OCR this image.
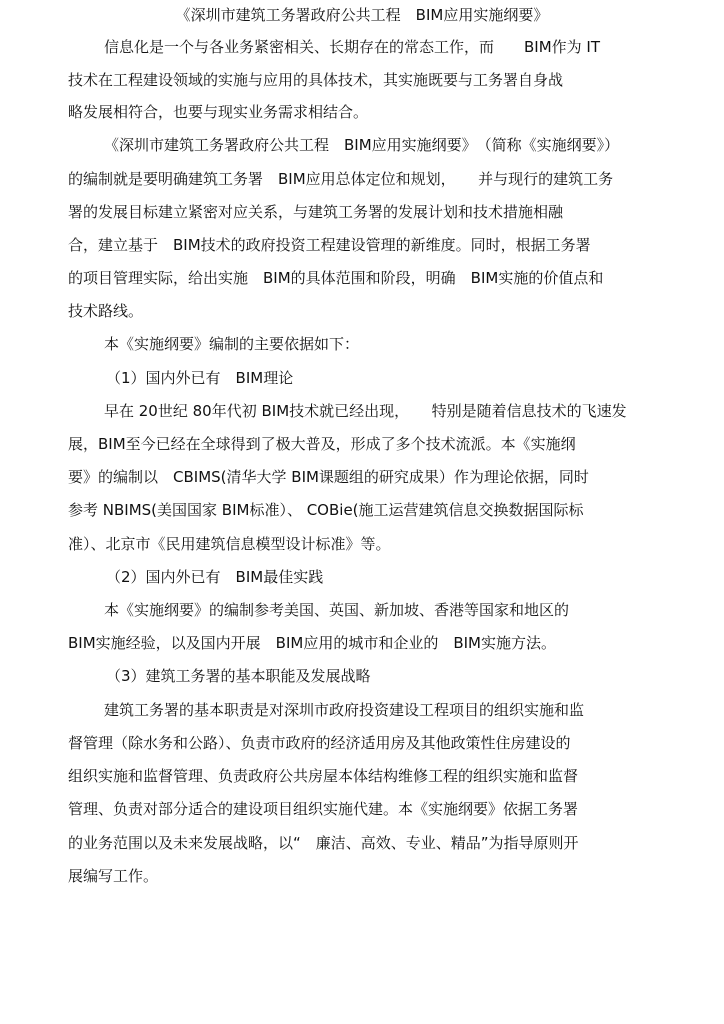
《深圳市建筑工务署政府公共工程　BIM应用实施纲要》
信息化是一个与各业务紧密相关、长期存在的常态工作，而　　BIM作为 IT
技术在工程建设领域的实施与应用的具体技术，其实施既要与工务署自身战
略发展相符合，也要与现实业务需求相结合。
《深圳市建筑工务署政府公共工程　BIM应用实施纲要》　（简称《实施纲要》）
的编制就是要明确建筑工务署　BIM应用总体定位和规划，　　并与现行的建筑工务
署的发展目标建立紧密对应关系，与建筑工务署的发展计划和技术措施相融
合，建立基于　BIM技术的政府投资工程建设管理的新维度。同时，根据工务署
的项目管理实际，给出实施　BIM的具体范围和阶段，明确　BIM实施的价值点和
技术路线。
本《实施纲要》编制的主要依据如下：
（1）国内外已有　BIM理论
早在 20世纪 80年代初 BIM技术就已经出现，　　特别是随着信息技术的飞速发
展，BIM至今已经在全球得到了极大普及，形成了多个技术流派。本《实施纲
要》的编制以　CBIMS(清华大学 BIM课题组的研究成果）作为理论依据，同时
参考 NBIMS(美国国家 BIM标准）、 COBie(施工运营建筑信息交换数据国际标
准）、北京市《民用建筑信息模型设计标准》等。
（2）国内外已有　BIM最佳实践
本《实施纲要》的编制参考美国、英国、新加坡、香港等国家和地区的
BIM实施经验，以及国内开展　BIM应用的城市和企业的　BIM实施方法。
（3）建筑工务署的基本职能及发展战略
建筑工务署的基本职责是对深圳市政府投资建设工程项目的组织实施和监
督管理（除水务和公路）、负责市政府的经济适用房及其他政策性住房建设的
组织实施和监督管理、负责政府公共房屋本体结构维修工程的组织实施和监督
管理、负责对部分适合的建设项目组织实施代建。本《实施纲要》依据工务署
的业务范围以及未来发展战略，以“　廉洁、高效、专业、精品”为指导原则开
展编写工作。
